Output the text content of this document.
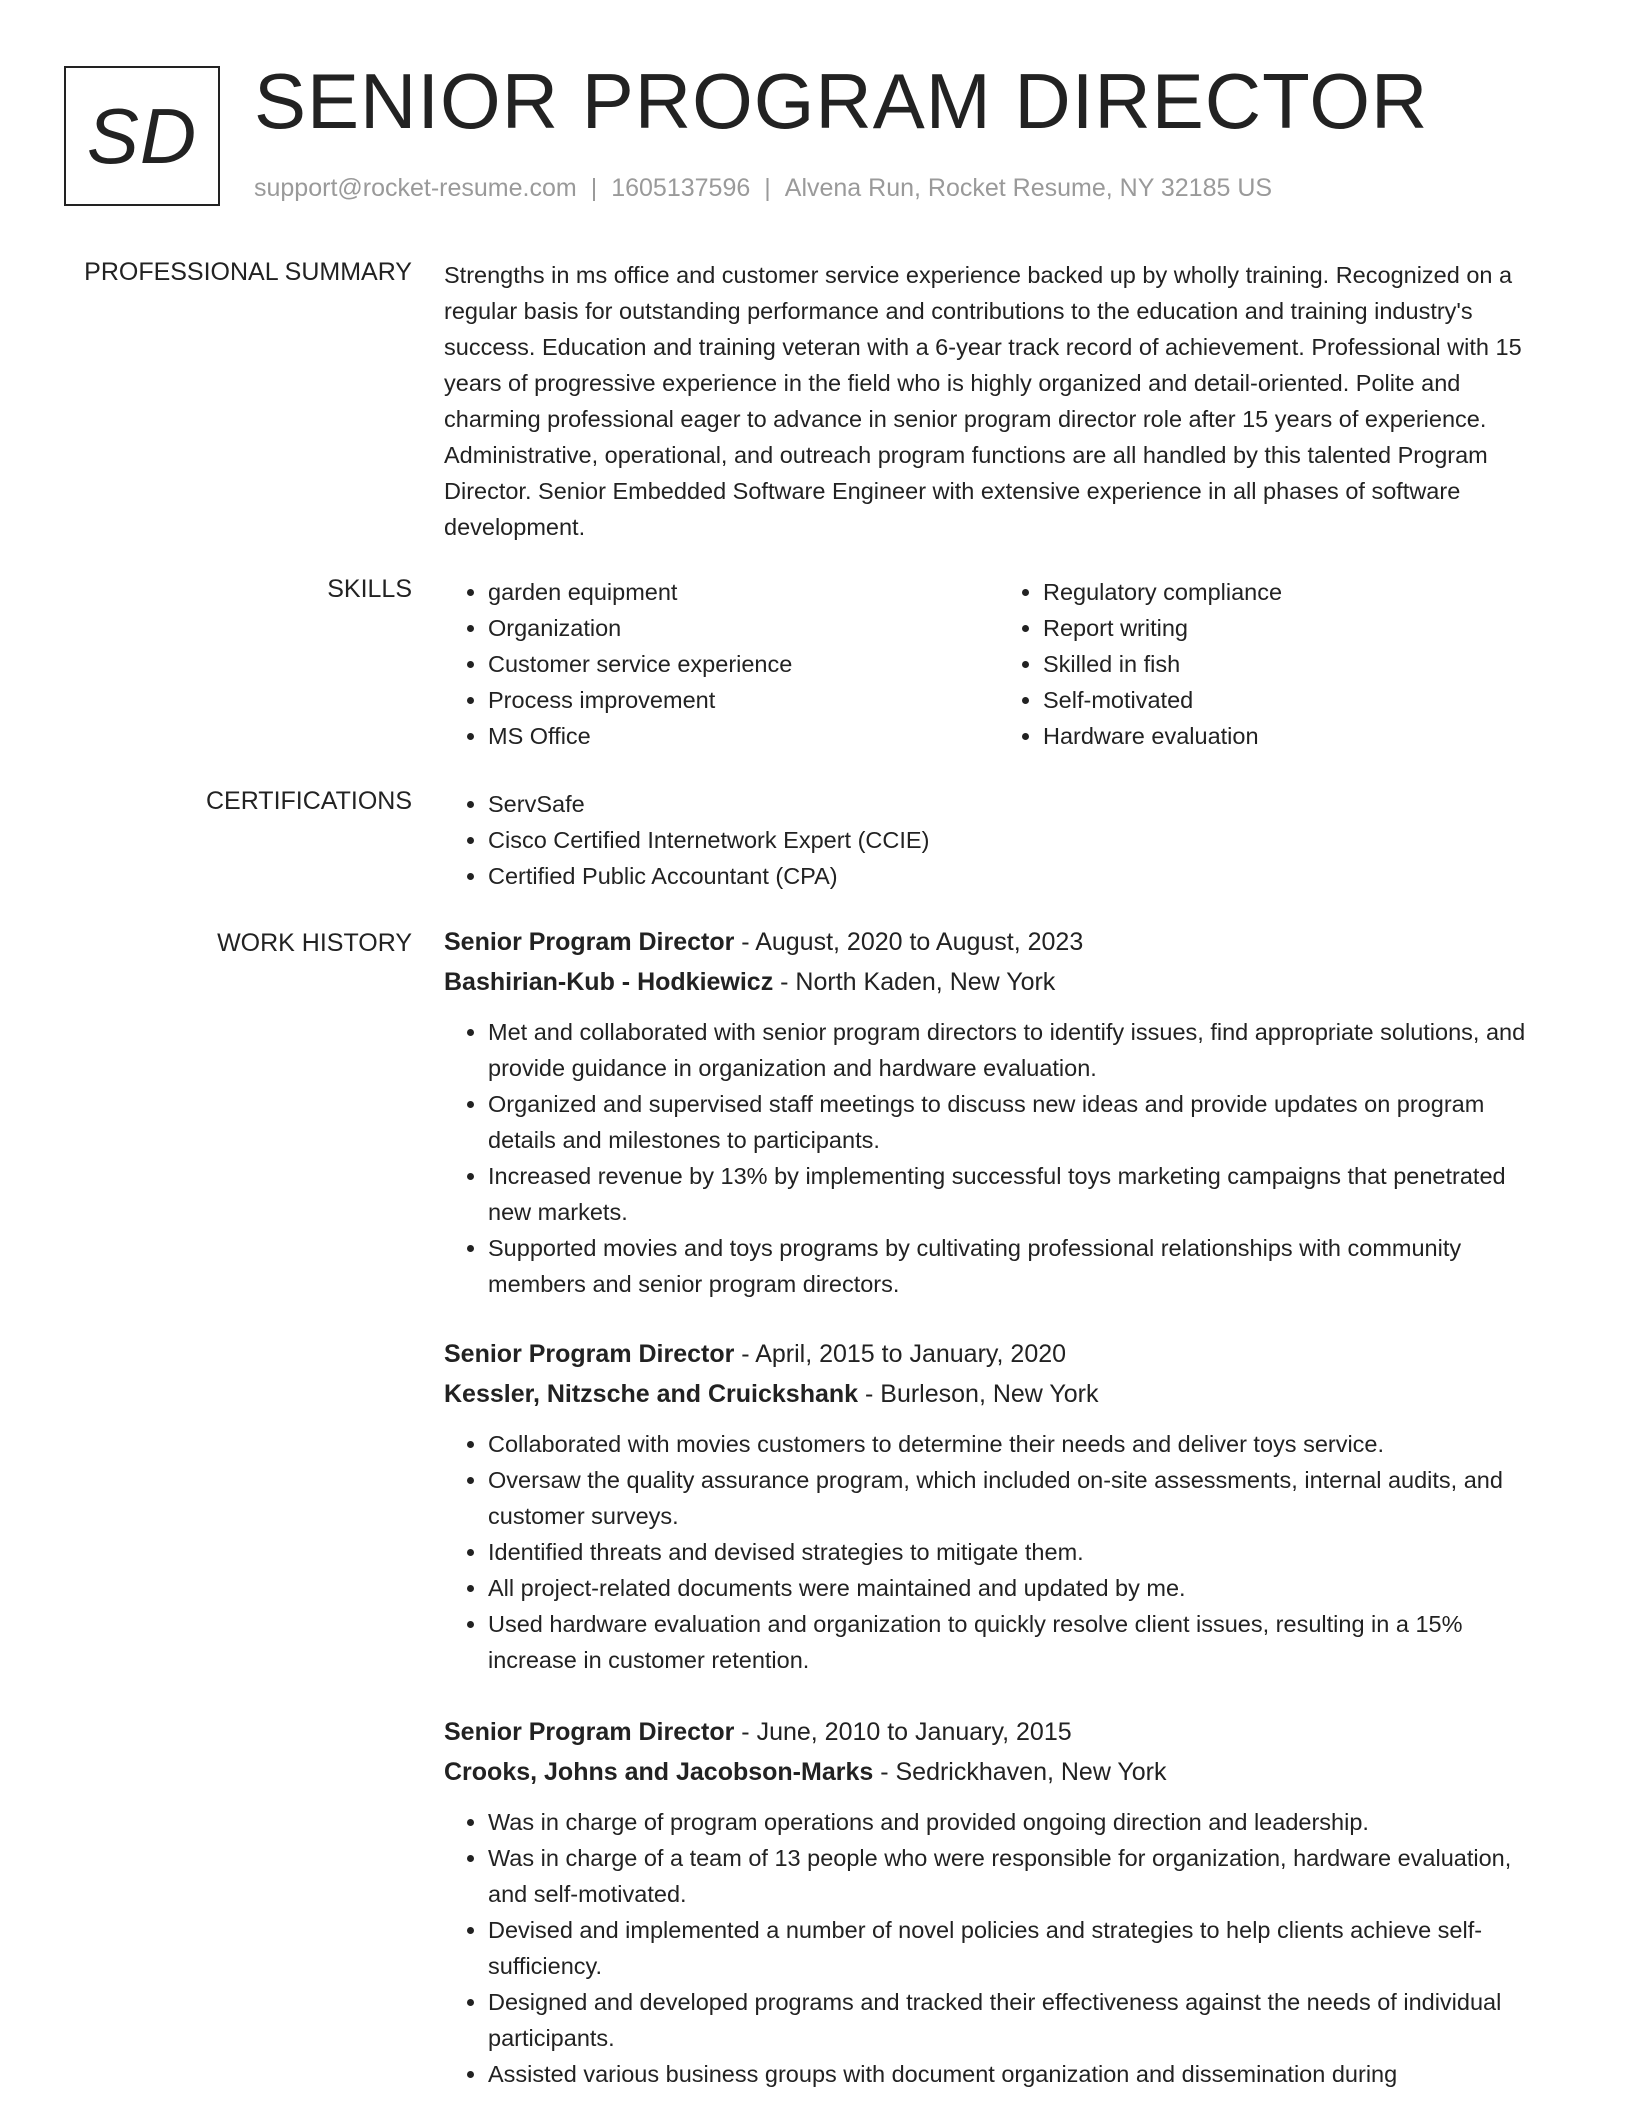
SD SENIOR PROGRAM DIRECTOR
support@rocket-resume.com | 1605137596 | Alvena Run, Rocket Resume, NY 32185 US
PROFESSIONAL SUMMARY Strengths in ms office and customer service experience backed up by wholly training. Recognized on a regular basis for outstanding performance and contributions to the education and training industry's success. Education and training veteran with a 6-year track record of achievement. Professional with 15 years of progressive experience in the field who is highly organized and detail-oriented. Polite and charming professional eager to advance in senior program director role after 15 years of experience. Administrative, operational, and outreach program functions are all handled by this talented Program Director. Senior Embedded Software Engineer with extensive experience in all phases of software development.

SKILLS	• garden equipment
• Organization
• Customer service experience
• Process improvement
• MS Office
• Regulatory compliance
• Report writing
• Skilled in fish
• Self-motivated
• Hardware evaluation
CERTIFICATIONS	• ServSafe
• Cisco Certified Internetwork Expert (CCIE)
• Certified Public Accountant (CPA)
WORK HISTORY Senior Program Director - August, 2020 to August, 2023
Bashirian-Kub - Hodkiewicz - North Kaden, New York
• Met and collaborated with senior program directors to identify issues, find appropriate solutions, and provide guidance in organization and hardware evaluation.
• Organized and supervised staff meetings to discuss new ideas and provide updates on program details and milestones to participants.
• Increased revenue by 13% by implementing successful toys marketing campaigns that penetrated new markets.
• Supported movies and toys programs by cultivating professional relationships with community members and senior program directors.
Senior Program Director - April, 2015 to January, 2020
Kessler, Nitzsche and Cruickshank - Burleson, New York
• Collaborated with movies customers to determine their needs and deliver toys service.
• Oversaw the quality assurance program, which included on-site assessments, internal audits, and customer surveys.
• Identified threats and devised strategies to mitigate them.
• All project-related documents were maintained and updated by me.
• Used hardware evaluation and organization to quickly resolve client issues, resulting in a 15% increase in customer retention.
Senior Program Director - June, 2010 to January, 2015
Crooks, Johns and Jacobson-Marks - Sedrickhaven, New York
• Was in charge of program operations and provided ongoing direction and leadership.
• Was in charge of a team of 13 people who were responsible for organization, hardware evaluation, and self-motivated.
• Devised and implemented a number of novel policies and strategies to help clients achieve self-sufficiency.
• Designed and developed programs and tracked their effectiveness against the needs of individual participants.
• Assisted various business groups with document organization and dissemination during
